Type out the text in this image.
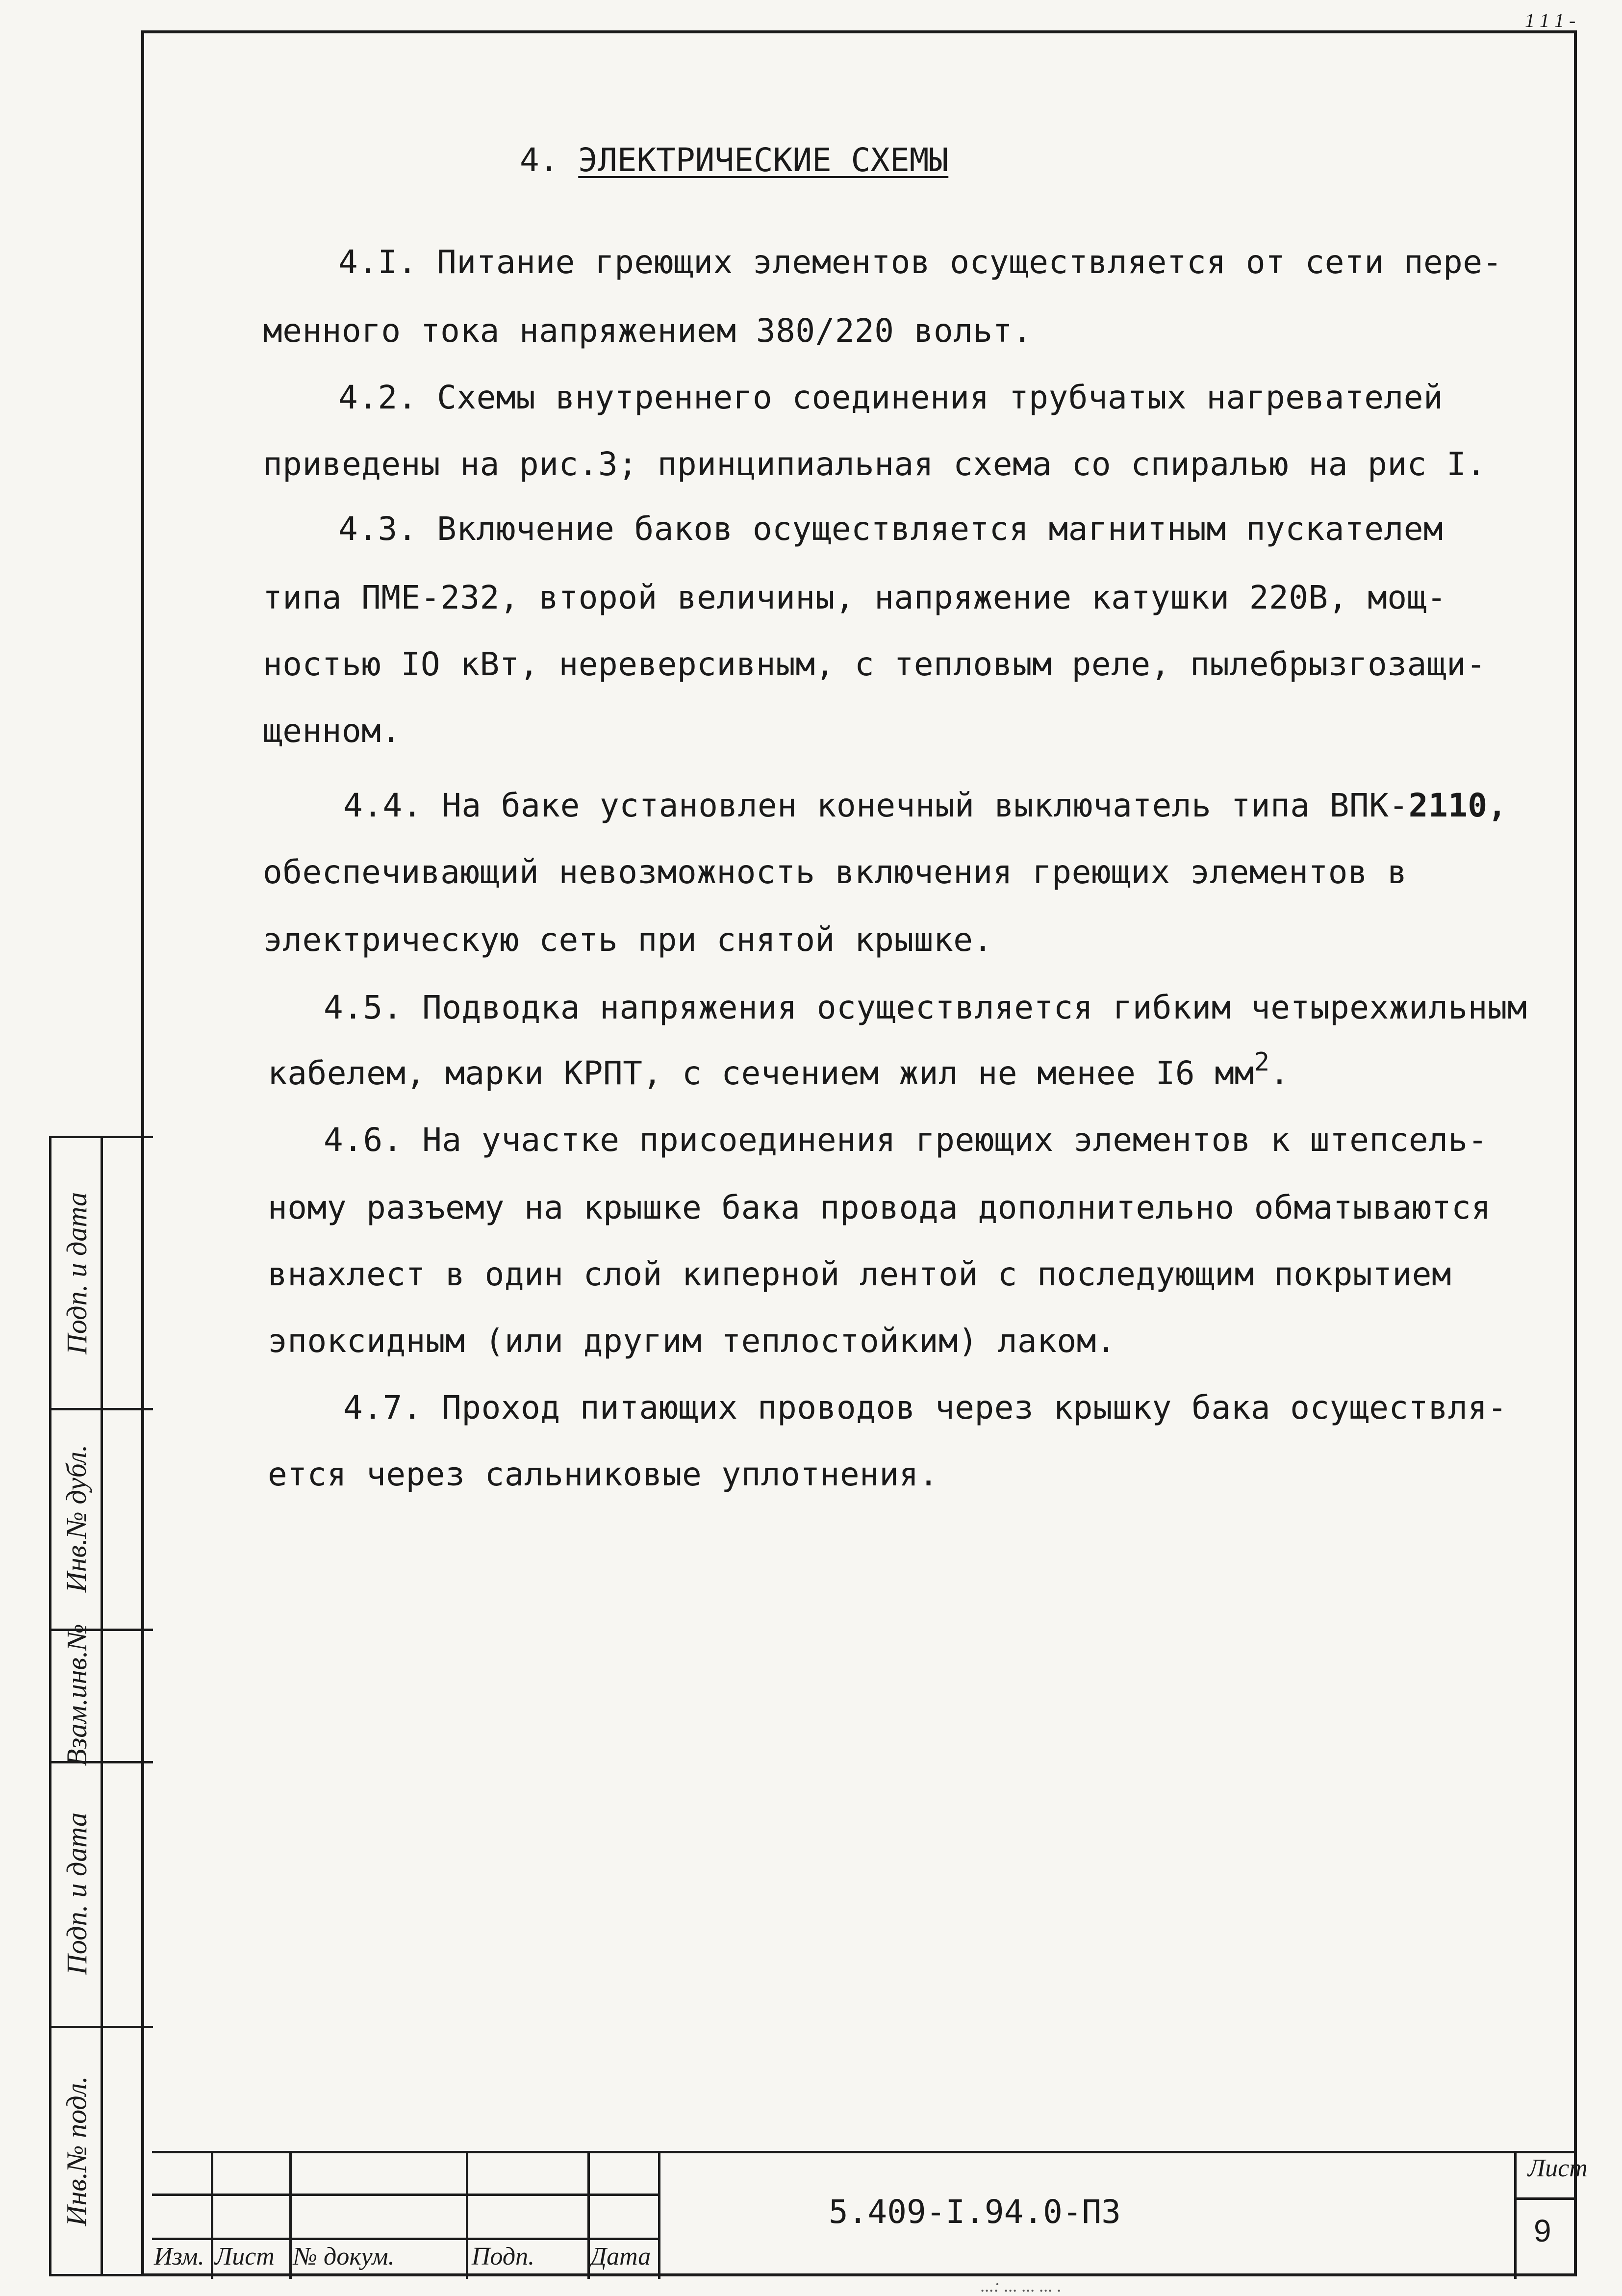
1 1 1 -
4. ЭЛЕКТРИЧЕСКИЕ СХЕМЫ
4.I. Питание греющих элементов осуществляется от сети пере-
менного тока напряжением 380/220 вольт.
4.2. Схемы внутреннего соединения трубчатых нагревателей
приведены на рис.3; принципиальная схема со спиралью на рис I.
4.3. Включение баков осуществляется магнитным пускателем
типа ПМЕ-232, второй величины, напряжение катушки 220В, мощ-
ностью IO кВт, нереверсивным, с тепловым реле, пылебрызгозащи-
щенном.
4.4. На баке установлен конечный выключатель типа ВПК-2110,
обеспечивающий невозможность включения греющих элементов в
электрическую сеть при снятой крышке.
4.5. Подводка напряжения осуществляется гибким четырехжильным
кабелем, марки КРПТ, с сечением жил не менее I6 $мм^2$.
4.6. На участке присоединения греющих элементов к штепсель-
ному разъему на крышке бака провода дополнительно обматываются
внахлест в один слой киперной лентой с последующим покрытием
эпоксидным (или другим теплостойким) лаком.
4.7. Проход питающих проводов через крышку бака осуществля-
ется через сальниковые уплотнения.
Подп. и дата
Инв.№ дубл.
Взам.инв.№
Подп. и дата
Инв.№ подл.
Изм. Лист № докум.	Подп. Дата
5.409-I.94.0-ПЗ
Лист
9
...: ... ... ... .
